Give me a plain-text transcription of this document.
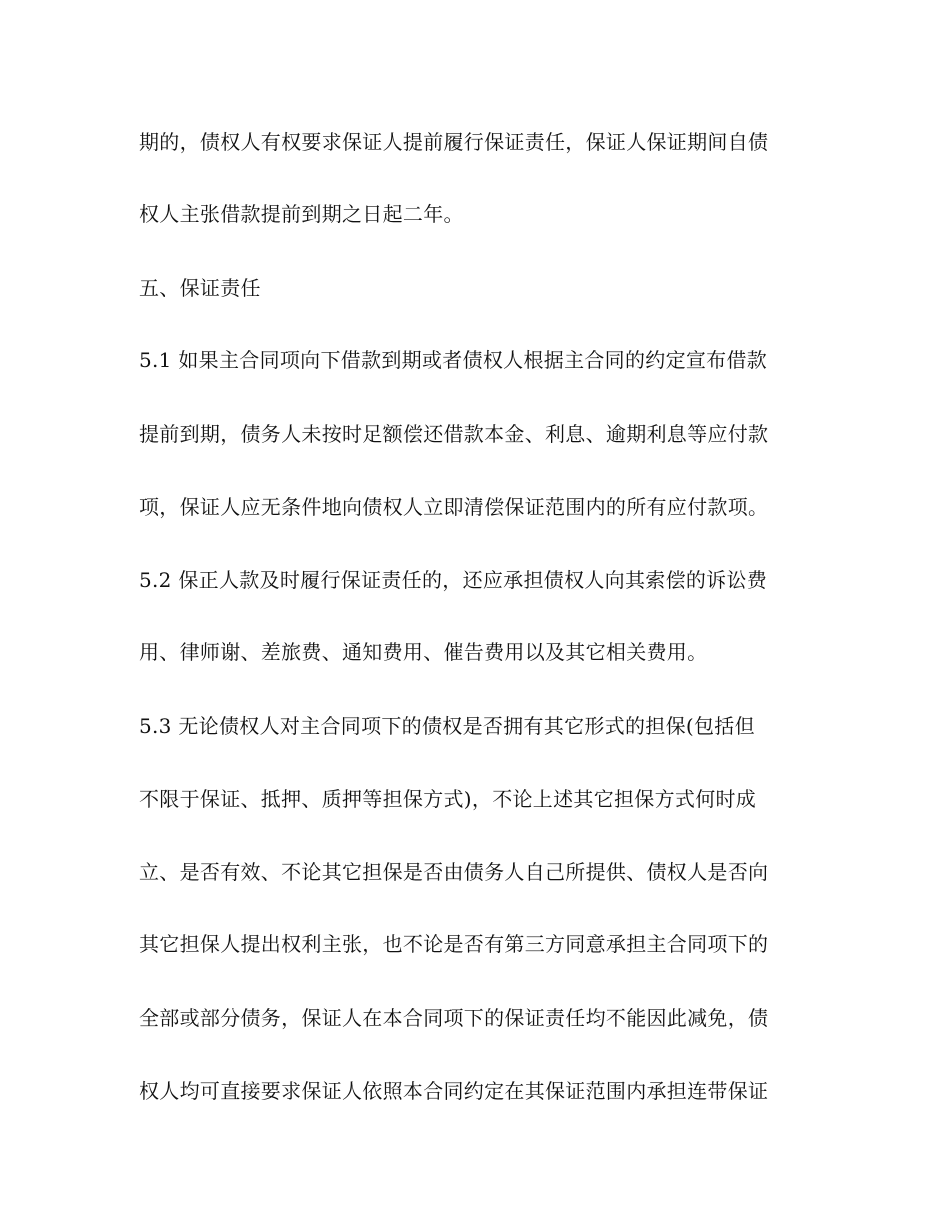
期的，债权人有权要求保证人提前履行保证责任，保证人保证期间自债
权人主张借款提前到期之日起二年。
五、保证责任
5.1 如果主合同项向下借款到期或者债权人根据主合同的约定宣布借款
提前到期，债务人未按时足额偿还借款本金、利息、逾期利息等应付款
项，保证人应无条件地向债权人立即清偿保证范围内的所有应付款项。
5.2 保正人款及时履行保证责任的，还应承担债权人向其索偿的诉讼费
用、律师谢、差旅费、通知费用、催告费用以及其它相关费用。
5.3 无论债权人对主合同项下的债权是否拥有其它形式的担保(包括但
不限于保证、抵押、质押等担保方式)，不论上述其它担保方式何时成
立、是否有效、不论其它担保是否由债务人自己所提供、债权人是否向
其它担保人提出权利主张，也不论是否有第三方同意承担主合同项下的
全部或部分债务，保证人在本合同项下的保证责任均不能因此减免，债
权人均可直接要求保证人依照本合同约定在其保证范围内承担连带保证
